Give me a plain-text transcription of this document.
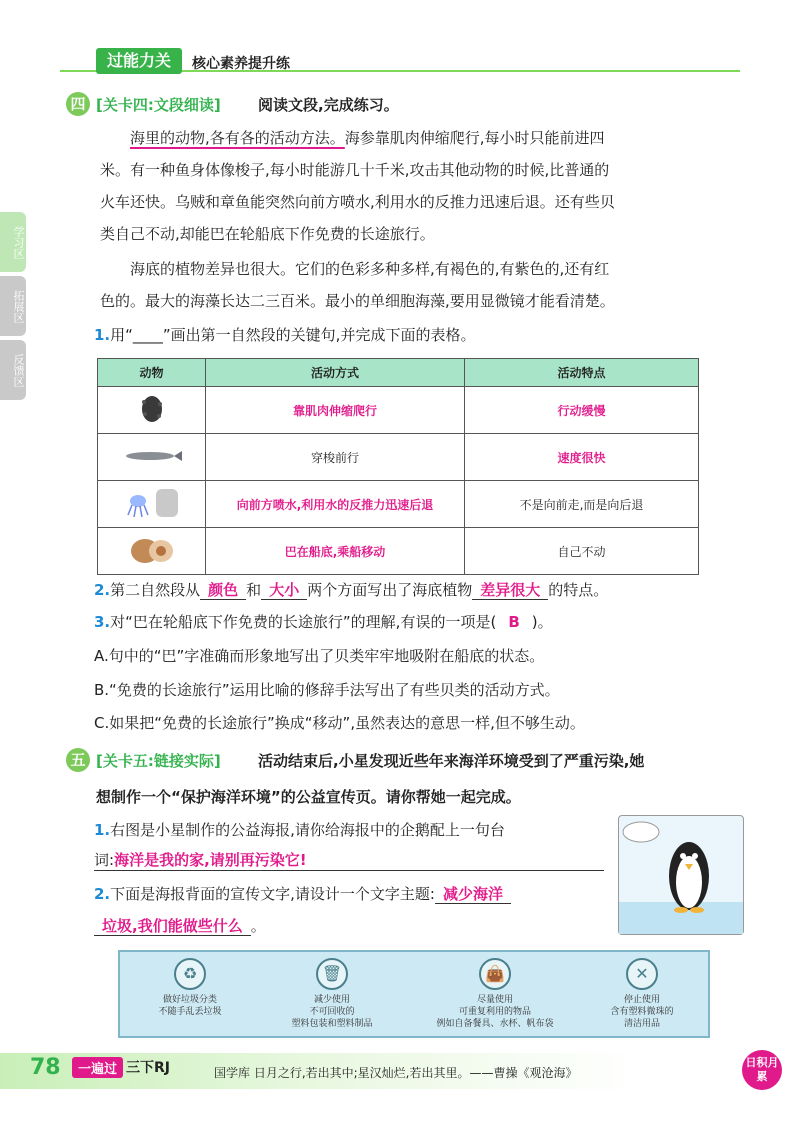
过能力关	核心素养提升练
学习区
拓展区
反馈区
四 [关卡四:文段细读] 阅读文段,完成练习。
海里的动物,各有各的活动方法。海参靠肌肉伸缩爬行,每小时只能前进四
米。有一种鱼身体像梭子,每小时能游几十千米,攻击其他动物的时候,比普通的
火车还快。乌贼和章鱼能突然向前方喷水,利用水的反推力迅速后退。还有些贝
类自己不动,却能巴在轮船底下作免费的长途旅行。
海底的植物差异也很大。它们的色彩多种多样,有褐色的,有紫色的,还有红
色的。最大的海藻长达二三百米。最小的单细胞海藻,要用显微镜才能看清楚。
1.用“____”画出第一自然段的关键句,并完成下面的表格。
动物	活动方式	活动特点
	靠肌肉伸缩爬行	行动缓慢
	穿梭前行	速度很快
	向前方喷水,利用水的反推力迅速后退	不是向前走,而是向后退
	巴在船底,乘船移动	自己不动
2.第二自然段从 颜色 和 大小 两个方面写出了海底植物 差异很大 的特点。
3.对“巴在轮船底下作免费的长途旅行”的理解,有误的一项是( B )。
A.句中的“巴”字准确而形象地写出了贝类牢牢地吸附在船底的状态。
B.“免费的长途旅行”运用比喻的修辞手法写出了有些贝类的活动方式。
C.如果把“免费的长途旅行”换成“移动”,虽然表达的意思一样,但不够生动。
五 [关卡五:链接实际] 活动结束后,小星发现近些年来海洋环境受到了严重污染,她
想制作一个“保护海洋环境”的公益宣传页。请你帮她一起完成。
1.右图是小星制作的公益海报,请你给海报中的企鹅配上一句台
词:海洋是我的家,请别再污染它!
2.下面是海报背面的宣传文字,请设计一个文字主题: 减少海洋
垃圾,我们能做些什么 。
♻
做好垃圾分类
不随手乱丢垃圾
🗑
减少使用
不可回收的
塑料包装和塑料制品
👜
尽量使用
可重复利用的物品
例如自备餐具、水杯、帆布袋
✕
停止使用
含有塑料微珠的
清洁用品
78	一遍过 三下RJ	国学库 日月之行,若出其中;星汉灿烂,若出其里。——曹操《观沧海》
日积月累
